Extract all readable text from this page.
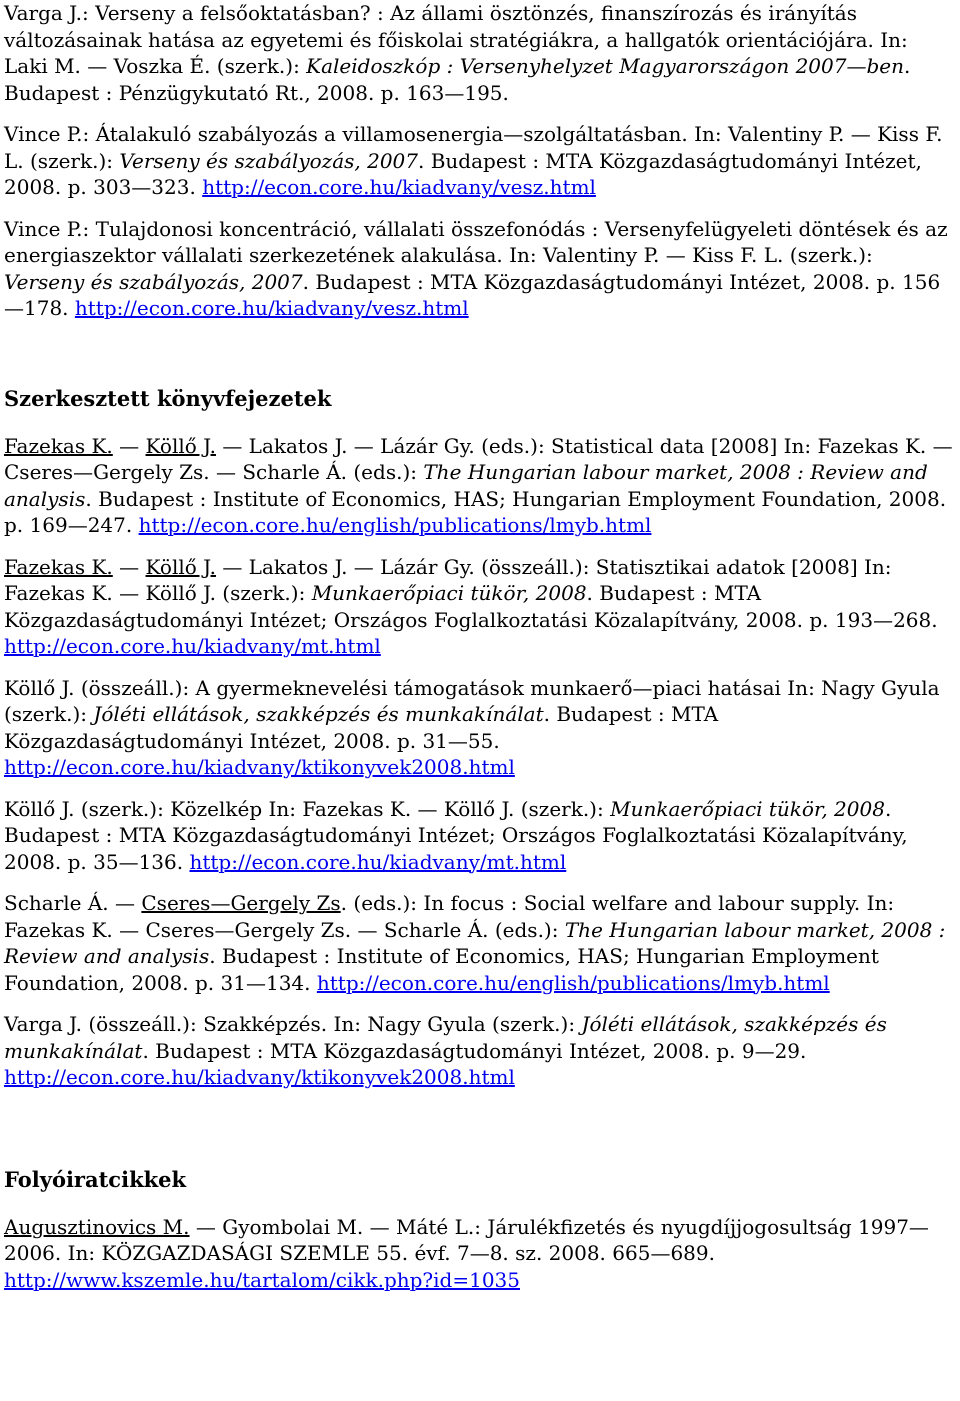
Varga J.: Verseny a felsőoktatásban? : Az állami ösztönzés, finanszírozás és irányítás változásainak hatása az egyetemi és főiskolai stratégiákra, a hallgatók orientációjára. In: Laki M. — Voszka É. (szerk.): Kaleidoszkóp : Versenyhelyzet Magyarországon 2007—ben. Budapest : Pénzügykutató Rt., 2008. p. 163—195.
Vince P.: Átalakuló szabályozás a villamosenergia—szolgáltatásban. In: Valentiny P. — Kiss F. L. (szerk.): Verseny és szabályozás, 2007. Budapest : MTA Közgazdaságtudományi Intézet, 2008. p. 303—323. http://econ.core.hu/kiadvany/vesz.html
Vince P.: Tulajdonosi koncentráció, vállalati összefonódás : Versenyfelügyeleti döntések és az energiaszektor vállalati szerkezetének alakulása. In: Valentiny P. — Kiss F. L. (szerk.): Verseny és szabályozás, 2007. Budapest : MTA Közgazdaságtudományi Intézet, 2008. p. 156—178. http://econ.core.hu/kiadvany/vesz.html
Szerkesztett könyvfejezetek
Fazekas K. — Köllő J. — Lakatos J. — Lázár Gy. (eds.): Statistical data [2008] In: Fazekas K. — Cseres—Gergely Zs. — Scharle Á. (eds.): The Hungarian labour market, 2008 : Review and analysis. Budapest : Institute of Economics, HAS; Hungarian Employment Foundation, 2008. p. 169—247. http://econ.core.hu/english/publications/lmyb.html
Fazekas K. — Köllő J. — Lakatos J. — Lázár Gy. (összeáll.): Statisztikai adatok [2008] In: Fazekas K. — Köllő J. (szerk.): Munkaerőpiaci tükör, 2008. Budapest : MTA Közgazdaságtudományi Intézet; Országos Foglalkoztatási Közalapítvány, 2008. p. 193—268. http://econ.core.hu/kiadvany/mt.html
Köllő J. (összeáll.): A gyermeknevelési támogatások munkaerő—piaci hatásai In: Nagy Gyula (szerk.): Jóléti ellátások, szakképzés és munkakínálat. Budapest : MTA Közgazdaságtudományi Intézet, 2008. p. 31—55. http://econ.core.hu/kiadvany/ktikonyvek2008.html
Köllő J. (szerk.): Közelkép In: Fazekas K. — Köllő J. (szerk.): Munkaerőpiaci tükör, 2008. Budapest : MTA Közgazdaságtudományi Intézet; Országos Foglalkoztatási Közalapítvány, 2008. p. 35—136. http://econ.core.hu/kiadvany/mt.html
Scharle Á. — Cseres—Gergely Zs. (eds.): In focus : Social welfare and labour supply. In: Fazekas K. — Cseres—Gergely Zs. — Scharle Á. (eds.): The Hungarian labour market, 2008 : Review and analysis. Budapest : Institute of Economics, HAS; Hungarian Employment Foundation, 2008. p. 31—134. http://econ.core.hu/english/publications/lmyb.html
Varga J. (összeáll.): Szakképzés. In: Nagy Gyula (szerk.): Jóléti ellátások, szakképzés és munkakínálat. Budapest : MTA Közgazdaságtudományi Intézet, 2008. p. 9—29. http://econ.core.hu/kiadvany/ktikonyvek2008.html
Folyóiratcikkek
Augusztinovics M. — Gyombolai M. — Máté L.: Járulékfizetés és nyugdíjjogosultság 1997—2006. In: KÖZGAZDASÁGI SZEMLE 55. évf. 7—8. sz. 2008. 665—689. http://www.kszemle.hu/tartalom/cikk.php?id=1035
